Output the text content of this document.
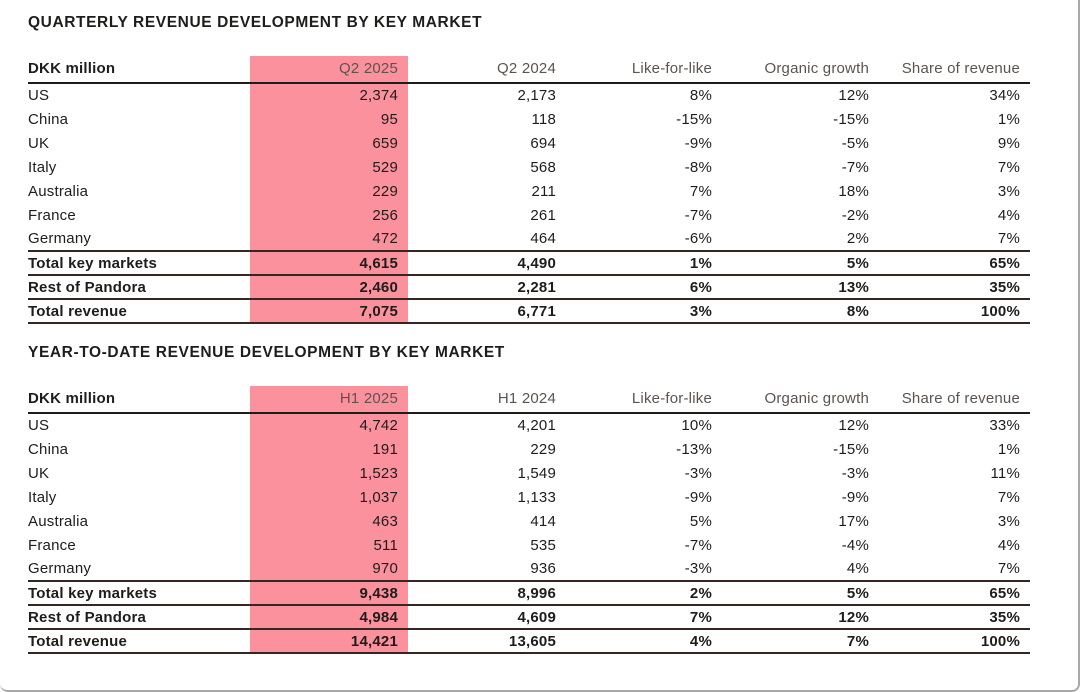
QUARTERLY REVENUE DEVELOPMENT BY KEY MARKET
DKK million	Q2 2025	Q2 2024	Like-for-like	Organic growth	Share of revenue
US	2,374	2,173	8%	12%	34%
China	95	118	-15%	-15%	1%
UK	659	694	-9%	-5%	9%
Italy	529	568	-8%	-7%	7%
Australia	229	211	7%	18%	3%
France	256	261	-7%	-2%	4%
Germany	472	464	-6%	2%	7%
Total key markets	4,615	4,490	1%	5%	65%
Rest of Pandora	2,460	2,281	6%	13%	35%
Total revenue	7,075	6,771	3%	8%	100%
YEAR-TO-DATE REVENUE DEVELOPMENT BY KEY MARKET
DKK million	H1 2025	H1 2024	Like-for-like	Organic growth	Share of revenue
US	4,742	4,201	10%	12%	33%
China	191	229	-13%	-15%	1%
UK	1,523	1,549	-3%	-3%	11%
Italy	1,037	1,133	-9%	-9%	7%
Australia	463	414	5%	17%	3%
France	511	535	-7%	-4%	4%
Germany	970	936	-3%	4%	7%
Total key markets	9,438	8,996	2%	5%	65%
Rest of Pandora	4,984	4,609	7%	12%	35%
Total revenue	14,421	13,605	4%	7%	100%
